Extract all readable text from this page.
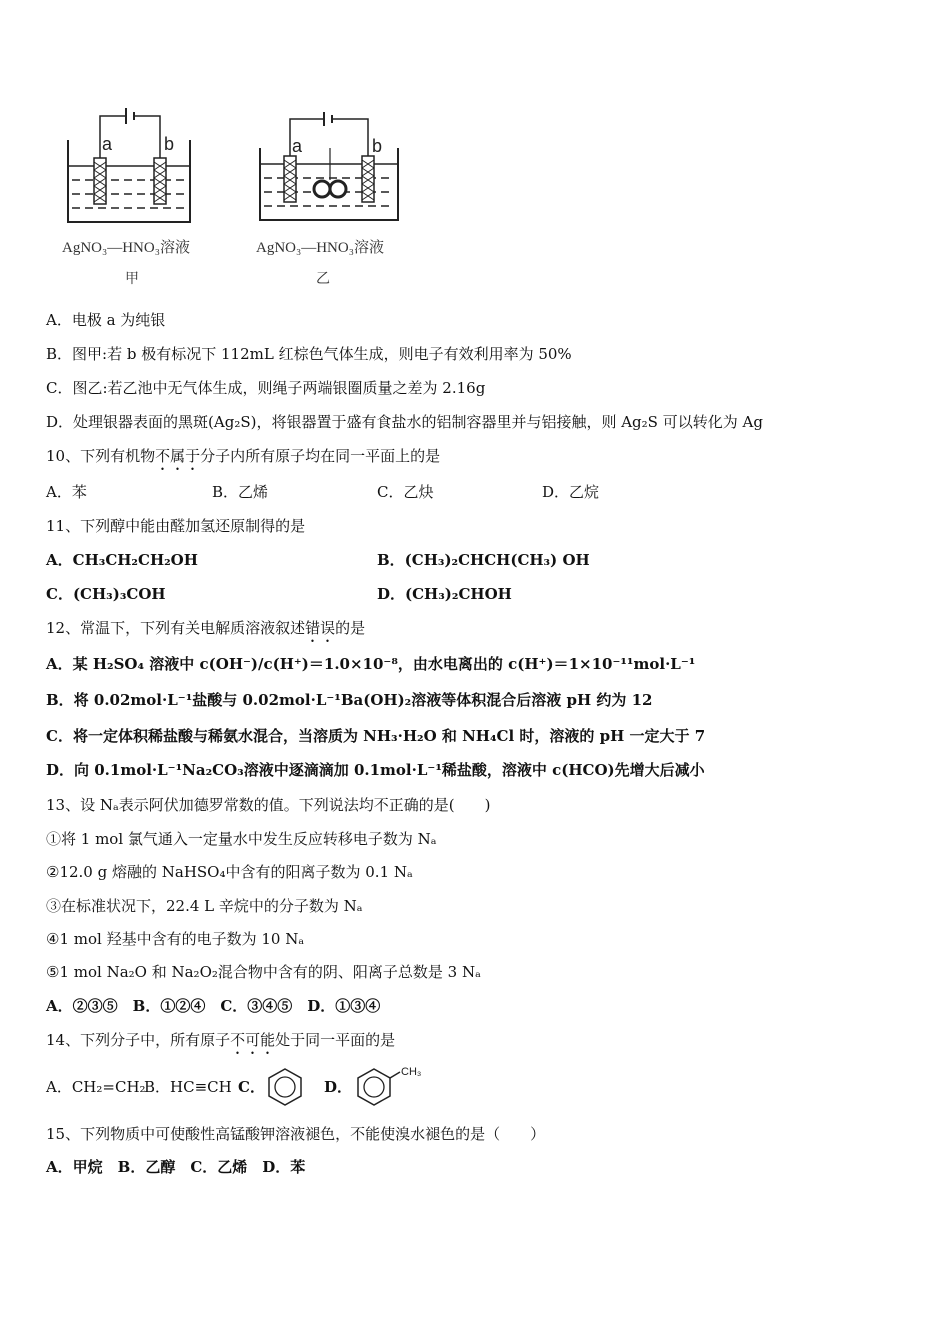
a	b
AgNO₃—HNO₃溶液
甲
a	b
AgNO₃—HNO₃溶液
乙
A．电极 a 为纯银
B．图甲:若 b 极有标况下 112mL 红棕色气体生成，则电子有效利用率为 50%
C．图乙:若乙池中无气体生成，则绳子两端银圈质量之差为 2.16g
D．处理银器表面的黑斑(Ag₂S)，将银器置于盛有食盐水的铝制容器里并与铝接触，则 Ag₂S 可以转化为 Ag
10、下列有机物不属于分子内所有原子均在同一平面上的是
A．苯	B．乙烯	C．乙炔	D．乙烷
11、下列醇中能由醛加氢还原制得的是
A．CH₃CH₂CH₂OH	B．(CH₃)₂CHCH(CH₃) OH
C．(CH₃)₃COH	D．(CH₃)₂CHOH
12、常温下，下列有关电解质溶液叙述错误的是
A．某 H₂SO₄ 溶液中 c(OH⁻)/c(H⁺)＝1.0×10⁻⁸，由水电离出的 c(H⁺)＝1×10⁻¹¹mol·L⁻¹
B．将 0.02mol·L⁻¹盐酸与 0.02mol·L⁻¹Ba(OH)₂溶液等体积混合后溶液 pH 约为 12
C．将一定体积稀盐酸与稀氨水混合，当溶质为 NH₃·H₂O 和 NH₄Cl 时，溶液的 pH 一定大于 7
D．向 0.1mol·L⁻¹Na₂CO₃溶液中逐滴滴加 0.1mol·L⁻¹稀盐酸，溶液中 c(HCO)先增大后减小
13、设 Nₐ表示阿伏加德罗常数的值。下列说法均不正确的是(　　)
①将 1 mol 氯气通入一定量水中发生反应转移电子数为 Nₐ
②12.0 g 熔融的 NaHSO₄中含有的阳离子数为 0.1 Nₐ
③在标准状况下，22.4 L 辛烷中的分子数为 Nₐ
④1 mol 羟基中含有的电子数为 10 Nₐ
⑤1 mol Na₂O 和 Na₂O₂混合物中含有的阴、阳离子总数是 3 Nₐ
A．②③⑤　B．①②④　C．③④⑤　D．①③④
14、下列分子中，所有原子不可能处于同一平面的是
A．CH₂=CH₂
B．HC≡CH C．	D．
CH₃
15、下列物质中可使酸性高锰酸钾溶液褪色，不能使溴水褪色的是（　　）
A．甲烷　B．乙醇　C．乙烯　D．苯
